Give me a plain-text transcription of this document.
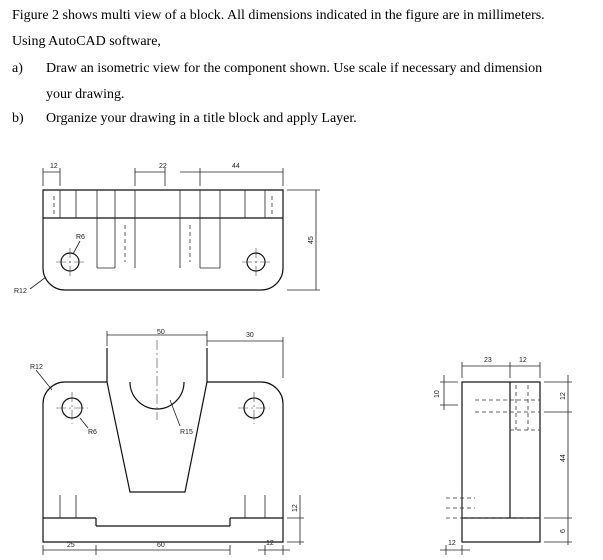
Figure 2 shows multi view of a block. All dimensions indicated in the figure are in millimeters.
Using AutoCAD software,
a) Draw an isometric view for the component shown. Use scale if necessary and dimension
your drawing.
b) Organize your drawing in a title block and apply Layer.
R6
R12
12	22	44
45
R12
R6	R15
50	30
25	60	12
12
23	12
10	12
44
6
12
